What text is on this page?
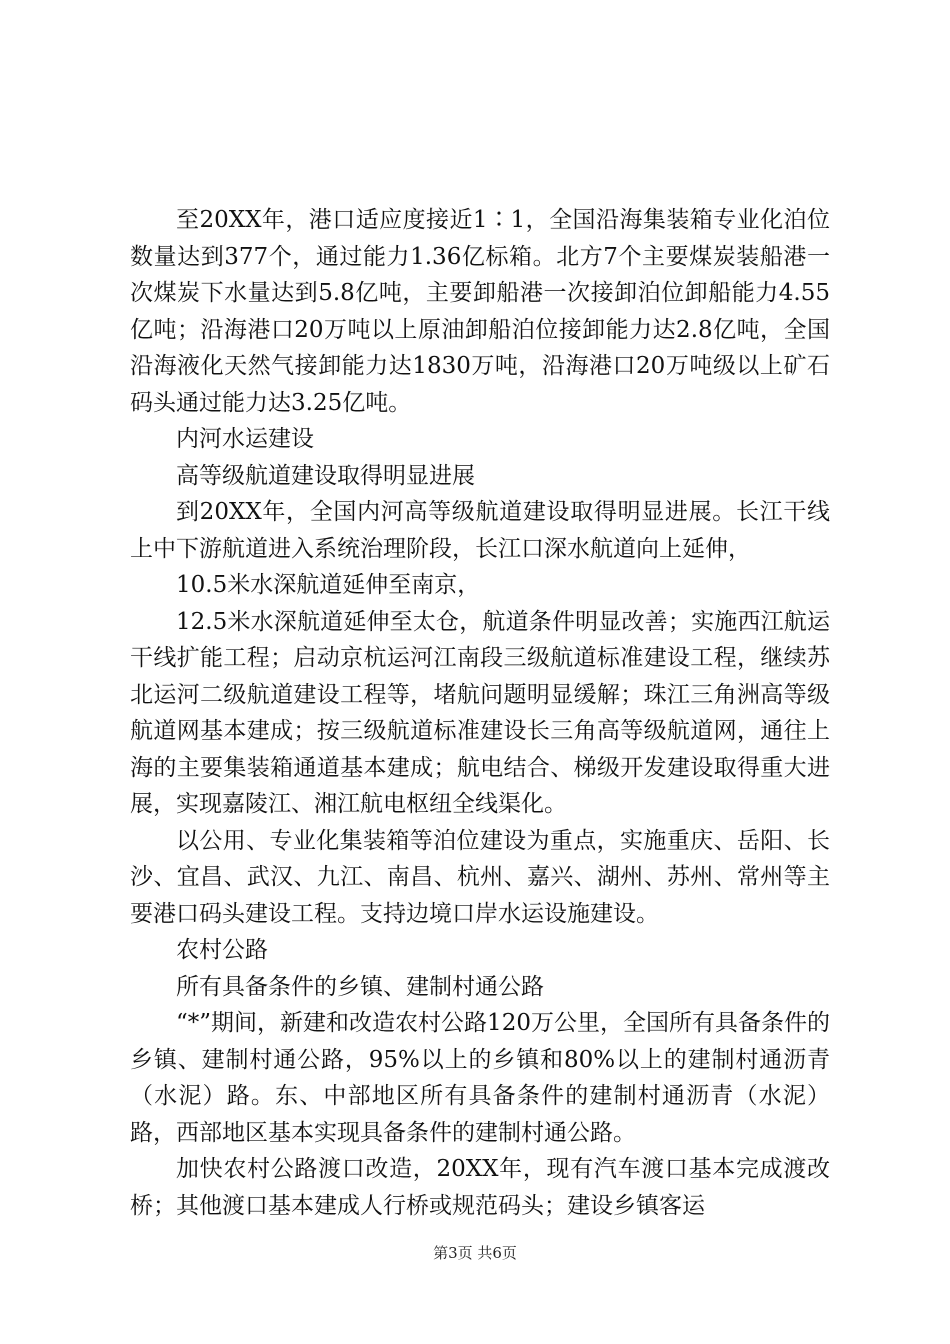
至20XX年，港口适应度接近1∶1，全国沿海集装箱专业化泊位数量达到377个，通过能力1.36亿标箱。北方7个主要煤炭装船港一次煤炭下水量达到5.8亿吨，主要卸船港一次接卸泊位卸船能力4.55亿吨；沿海港口20万吨以上原油卸船泊位接卸能力达2.8亿吨，全国沿海液化天然气接卸能力达1830万吨，沿海港口20万吨级以上矿石码头通过能力达3.25亿吨。

内河水运建设

高等级航道建设取得明显进展

到20XX年，全国内河高等级航道建设取得明显进展。长江干线上中下游航道进入系统治理阶段，长江口深水航道向上延伸，

10.5米水深航道延伸至南京，

12.5米水深航道延伸至太仓，航道条件明显改善；实施西江航运干线扩能工程；启动京杭运河江南段三级航道标准建设工程，继续苏北运河二级航道建设工程等，堵航问题明显缓解；珠江三角洲高等级航道网基本建成；按三级航道标准建设长三角高等级航道网，通往上海的主要集装箱通道基本建成；航电结合、梯级开发建设取得重大进展，实现嘉陵江、湘江航电枢纽全线渠化。

以公用、专业化集装箱等泊位建设为重点，实施重庆、岳阳、长沙、宜昌、武汉、九江、南昌、杭州、嘉兴、湖州、苏州、常州等主要港口码头建设工程。支持边境口岸水运设施建设。

农村公路

所有具备条件的乡镇、建制村通公路

“*”期间，新建和改造农村公路120万公里，全国所有具备条件的乡镇、建制村通公路，95%以上的乡镇和80%以上的建制村通沥青（水泥）路。东、中部地区所有具备条件的建制村通沥青（水泥）路，西部地区基本实现具备条件的建制村通公路。

加快农村公路渡口改造，20XX年，现有汽车渡口基本完成渡改桥；其他渡口基本建成人行桥或规范码头；建设乡镇客运

第3页 共6页
